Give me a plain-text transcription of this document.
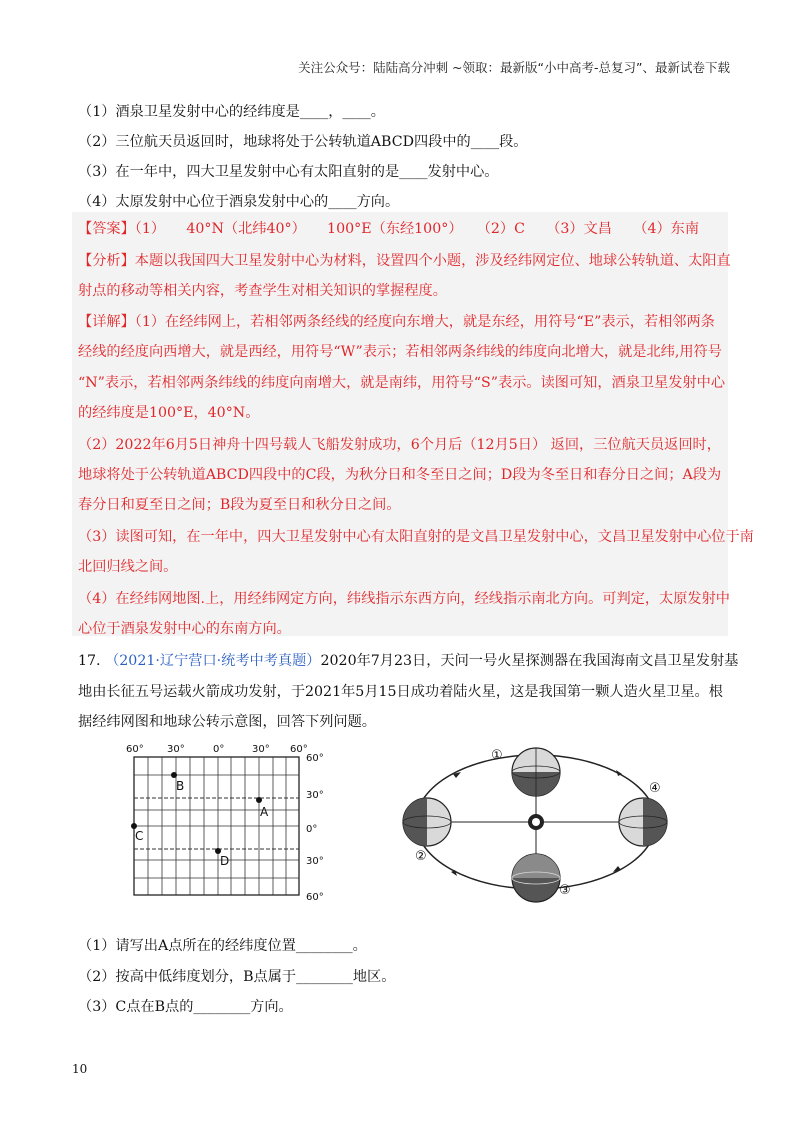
关注公众号：陆陆高分冲刺 ~领取：最新版“小中高考-总复习”、最新试卷下载
（1）酒泉卫星发射中心的经纬度是____，____。
（2）三位航天员返回时，地球将处于公转轨道ABCD四段中的____段。
（3）在一年中，四大卫星发射中心有太阳直射的是____发射中心。
（4）太原发射中心位于酒泉发射中心的____方向。
【答案】（1）　　40°N（北纬40°）　　100°E（东经100°）　　（2）C　　（3）文昌　　（4）东南
【分析】本题以我国四大卫星发射中心为材料，设置四个小题，涉及经纬网定位、地球公转轨道、太阳直
射点的移动等相关内容，考查学生对相关知识的掌握程度。
【详解】（1）在经纬网上，若相邻两条经线的经度向东增大，就是东经，用符号“E”表示，若相邻两条
经线的经度向西增大，就是西经，用符号“W”表示；若相邻两条纬线的纬度向北增大，就是北纬,用符号
“N”表示，若相邻两条纬线的纬度向南增大，就是南纬，用符号“S”表示。读图可知，酒泉卫星发射中心
的经纬度是100°E，40°N。
（2）2022年6月5日神舟十四号载人飞船发射成功，6个月后（12月5日） 返回，三位航天员返回时，
地球将处于公转轨道ABCD四段中的C段，为秋分日和冬至日之间；D段为冬至日和春分日之间；A段为
春分日和夏至日之间；B段为夏至日和秋分日之间。
（3）读图可知，在一年中，四大卫星发射中心有太阳直射的是文昌卫星发射中心，文昌卫星发射中心位于南
北回归线之间。
（4）在经纬网地图.上，用经纬网定方向，纬线指示东西方向，经线指示南北方向。可判定，太原发射中
心位于酒泉发射中心的东南方向。
17. （2021·辽宁营口·统考中考真题）2020年7月23日，天问一号火星探测器在我国海南文昌卫星发射基
地由长征五号运载火箭成功发射，于2021年5月15日成功着陆火星，这是我国第一颗人造火星卫星。根
据经纬网图和地球公转示意图，回答下列问题。
60° 30°	0°	30° 60°
60°
30°
0°
30°
60°
B
A
C
D
①
②
③
④
（1）请写出A点所在的经纬度位置________。
（2）按高中低纬度划分，B点属于________地区。
（3）C点在B点的________方向。
10
